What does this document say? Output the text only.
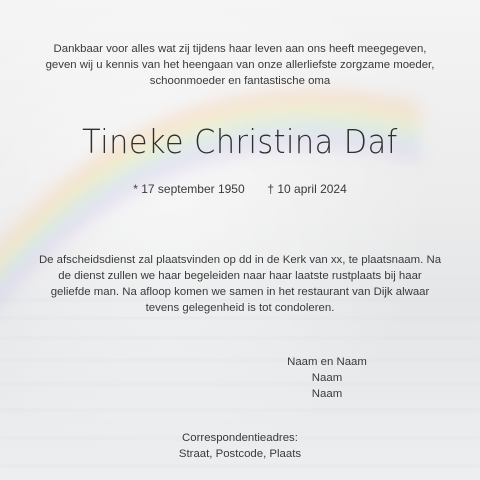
Dankbaar voor alles wat zij tijdens haar leven aan ons heeft meegegeven,
geven wij u kennis van het heengaan van onze allerliefste zorgzame moeder,
schoonmoeder en fantastische oma
Tineke Christina Daf
* 17 september 1950 † 10 april 2024
De afscheidsdienst zal plaatsvinden op dd in de Kerk van xx, te plaatsnaam. Na
de dienst zullen we haar begeleiden naar haar laatste rustplaats bij haar
geliefde man. Na afloop komen we samen in het restaurant van Dijk alwaar
tevens gelegenheid is tot condoleren.
Naam en Naam
Naam
Naam
Correspondentieadres:
Straat, Postcode, Plaats
